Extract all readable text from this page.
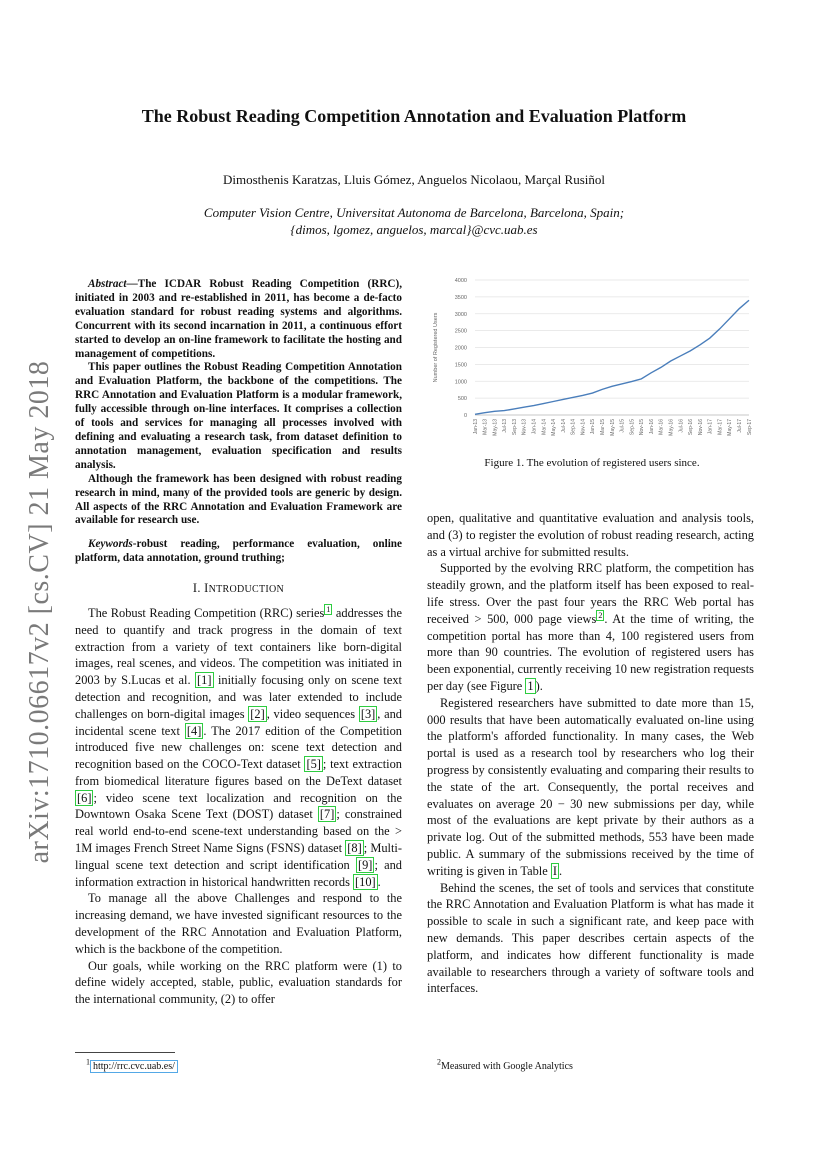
The Robust Reading Competition Annotation and Evaluation Platform

Dimosthenis Karatzas, Lluis Gómez, Anguelos Nicolaou, Marçal Rusiñol

Computer Vision Centre, Universitat Autonoma de Barcelona, Barcelona, Spain;
{dimos, lgomez, anguelos, marcal}@cvc.uab.es

arXiv:1710.06617v2 [cs.CV] 21 May 2018

Abstract—The ICDAR Robust Reading Competition (RRC), initiated in 2003 and re-established in 2011, has become a de-facto evaluation standard for robust reading systems and algorithms. Concurrent with its second incarnation in 2011, a continuous effort started to develop an on-line framework to facilitate the hosting and management of competitions.

This paper outlines the Robust Reading Competition Annotation and Evaluation Platform, the backbone of the competitions. The RRC Annotation and Evaluation Platform is a modular framework, fully accessible through on-line interfaces. It comprises a collection of tools and services for managing all processes involved with defining and evaluating a research task, from dataset definition to annotation management, evaluation specification and results analysis.

Although the framework has been designed with robust reading research in mind, many of the provided tools are generic by design. All aspects of the RRC Annotation and Evaluation Framework are available for research use.

Keywords-robust reading, performance evaluation, online platform, data annotation, ground truthing;

I. INTRODUCTION

The Robust Reading Competition (RRC) series $^1$ addresses the need to quantify and track progress in the domain of text extraction from a variety of text containers like born-digital images, real scenes, and videos. The competition was initiated in 2003 by S.Lucas et al. [1] initially focusing only on scene text detection and recognition, and was later extended to include challenges on born-digital images [2] , video sequences [3] , and incidental scene text [4] . The 2017 edition of the Competition introduced five new challenges on: scene text detection and recognition based on the COCO-Text dataset [5] ; text extraction from biomedical literature figures based on the DeText dataset [6] ; video scene text localization and recognition on the Downtown Osaka Scene Text (DOST) dataset [7] ; constrained real world end-to-end scene-text understanding based on the > 1M images French Street Name Signs (FSNS) dataset [8] ; Multi-lingual scene text detection and script identification [9] ; and information extraction in historical handwritten records [10] .

To manage all the above Challenges and respond to the increasing demand, we have invested significant resources to the development of the RRC Annotation and Evaluation Platform, which is the backbone of the competition.

Our goals, while working on the RRC platform were (1) to define widely accepted, stable, public, evaluation standards for the international community, (2) to offer

0
500
1000
1500
2000
2500
3000
3500
4000
Jan-13 Mar-13 May-13 Jul-13 Sep-13 Nov-13 Jan-14 Mar-14 May-14 Jul-14 Sep-14 Nov-14 Jan-15 Mar-15 May-15 Jul-15 Sep-15 Nov-15 Jan-16 Mar-16 May-16 Jul-16 Sep-16 Nov-16 Jan-17 Mar-17 May-17 Jul-17 Sep-17
Number of Registered Users
Figure 1. The evolution of registered users since.

open, qualitative and quantitative evaluation and analysis tools, and (3) to register the evolution of robust reading research, acting as a virtual archive for submitted results.

Supported by the evolving RRC platform, the competition has steadily grown, and the platform itself has been exposed to real-life stress. Over the past four years the RRC Web portal has received > 500, 000 page views $^2$ . At the time of writing, the competition portal has more than 4, 100 registered users from more than 90 countries. The evolution of registered users has been exponential, currently receiving 10 new registration requests per day (see Figure 1 ).

Registered researchers have submitted to date more than 15, 000 results that have been automatically evaluated on-line using the platform's afforded functionality. In many cases, the Web portal is used as a research tool by researchers who log their progress by consistently evaluating and comparing their results to the state of the art. Consequently, the portal receives and evaluates on average 20 − 30 new submissions per day, while most of the evaluations are kept private by their authors as a private log. Out of the submitted methods, 553 have been made public. A summary of the submissions received by the time of writing is given in Table I .

Behind the scenes, the set of tools and services that constitute the RRC Annotation and Evaluation Platform is what has made it possible to scale in such a significant rate, and keep pace with new demands. This paper describes certain aspects of the platform, and indicates how different functionality is made available to researchers through a variety of software tools and interfaces.

$^1$ http://rrc.cvc.uab.es/	$^2$Measured with Google Analytics
